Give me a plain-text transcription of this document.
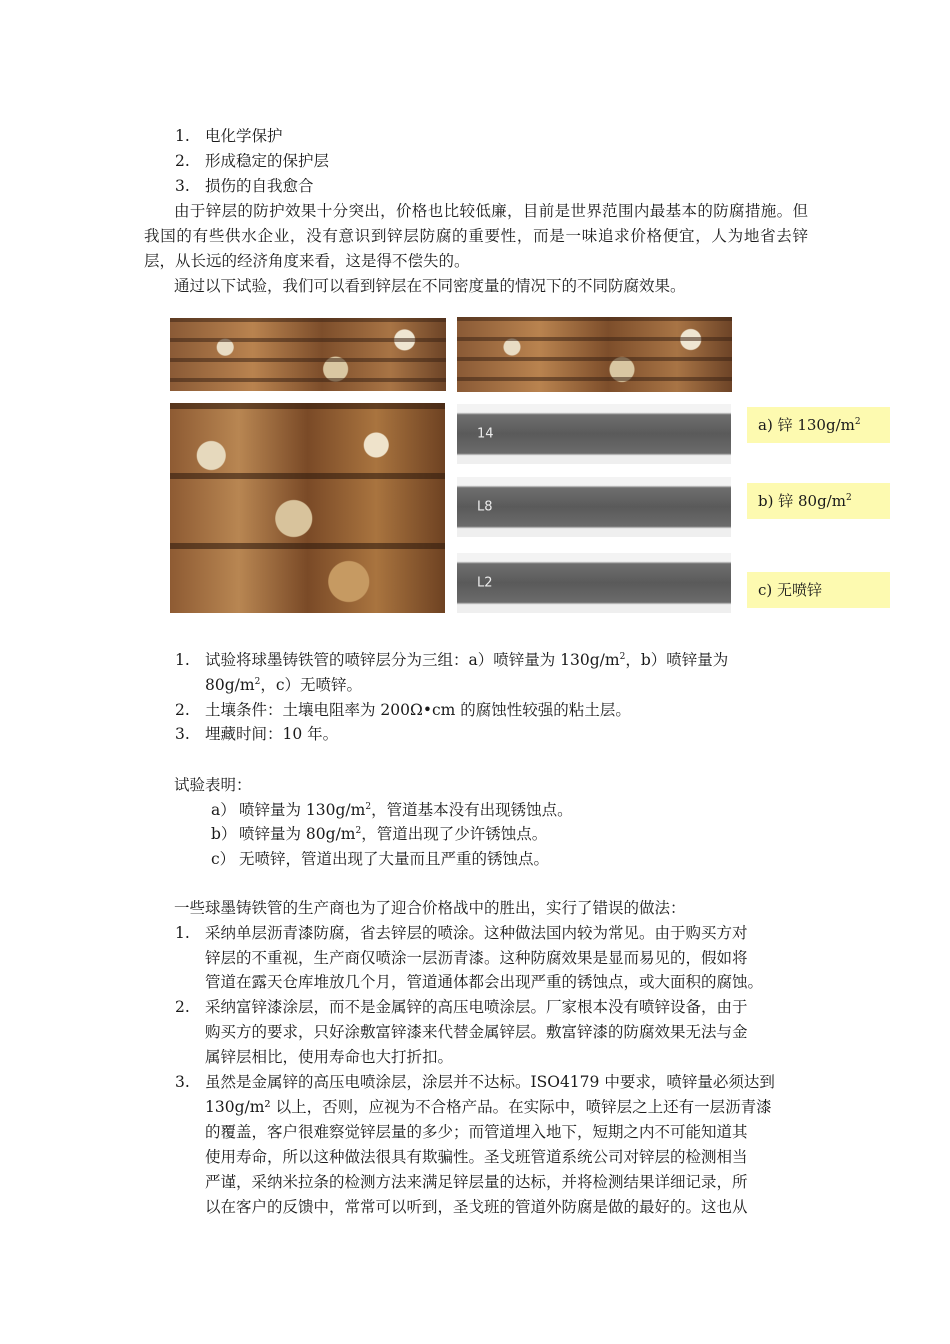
1. 电化学保护
2. 形成稳定的保护层
3. 损伤的自我愈合
由于锌层的防护效果十分突出，价格也比较低廉，目前是世界范围内最基本的防腐措施。但我国的有些供水企业，没有意识到锌层防腐的重要性，而是一味追求价格便宜，人为地省去锌层，从长远的经济角度来看，这是得不偿失的。
通过以下试验，我们可以看到锌层在不同密度量的情况下的不同防腐效果。
14
L8
L2
a) 锌 $130g/m^2$
b) 锌 $80g/m^2$
c) 无喷锌
1. 试验将球墨铸铁管的喷锌层分为三组：a）喷锌量为 $130g/m^2$，b）喷锌量为
$80g/m^2$，c）无喷锌。
2. 土壤条件：土壤电阻率为 200Ω•cm 的腐蚀性较强的粘土层。
3. 埋藏时间：10 年。
试验表明：
a） 喷锌量为 $130g/m^2$，管道基本没有出现锈蚀点。
b） 喷锌量为 $80g/m^2$，管道出现了少许锈蚀点。
c） 无喷锌，管道出现了大量而且严重的锈蚀点。
一些球墨铸铁管的生产商也为了迎合价格战中的胜出，实行了错误的做法：
1. 采纳单层沥青漆防腐，省去锌层的喷涂。这种做法国内较为常见。由于购买方对
锌层的不重视，生产商仅喷涂一层沥青漆。这种防腐效果是显而易见的，假如将
管道在露天仓库堆放几个月，管道通体都会出现严重的锈蚀点，或大面积的腐蚀。
2. 采纳富锌漆涂层，而不是金属锌的高压电喷涂层。厂家根本没有喷锌设备，由于
购买方的要求，只好涂敷富锌漆来代替金属锌层。敷富锌漆的防腐效果无法与金
属锌层相比，使用寿命也大打折扣。
3. 虽然是金属锌的高压电喷涂层，涂层并不达标。ISO4179 中要求，喷锌量必须达到
130g/m² 以上，否则，应视为不合格产品。在实际中，喷锌层之上还有一层沥青漆
的覆盖，客户很难察觉锌层量的多少；而管道埋入地下，短期之内不可能知道其
使用寿命，所以这种做法很具有欺骗性。圣戈班管道系统公司对锌层的检测相当
严谨，采纳米拉条的检测方法来满足锌层量的达标，并将检测结果详细记录，所
以在客户的反馈中，常常可以听到，圣戈班的管道外防腐是做的最好的。这也从
